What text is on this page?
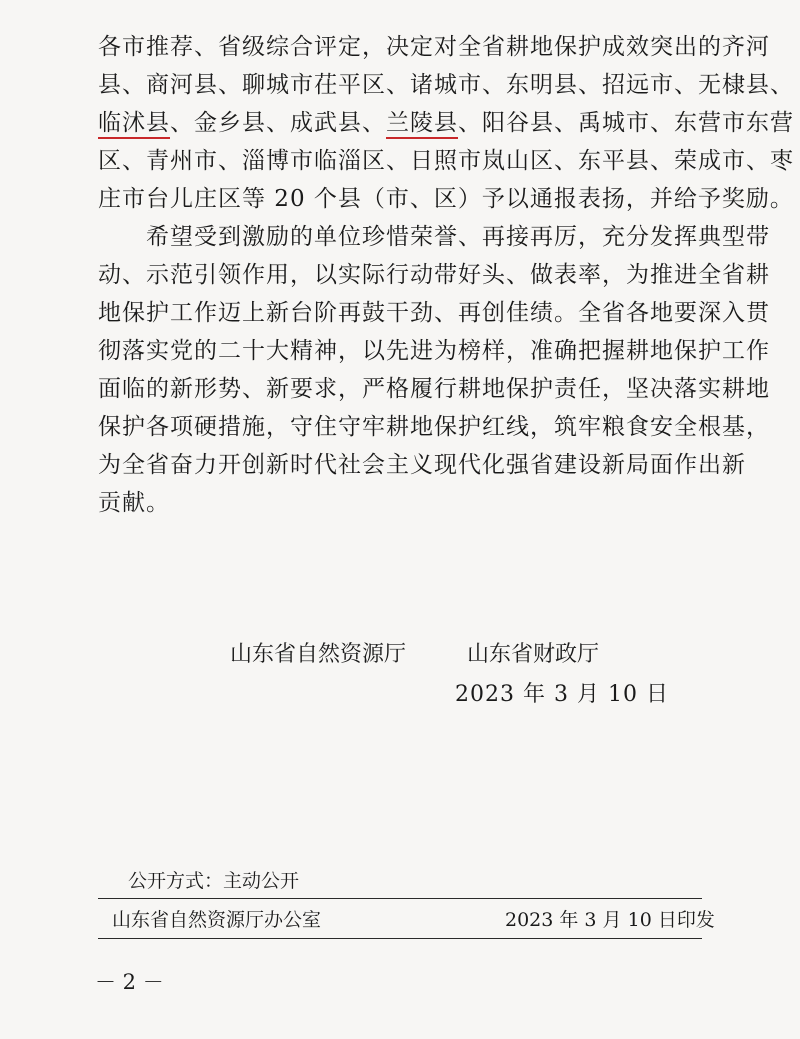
各市推荐、省级综合评定，决定对全省耕地保护成效突出的齐河
县、商河县、聊城市茌平区、诸城市、东明县、招远市、无棣县、
临沭县、金乡县、成武县、兰陵县、阳谷县、禹城市、东营市东营
区、青州市、淄博市临淄区、日照市岚山区、东平县、荣成市、枣
庄市台儿庄区等 20 个县（市、区）予以通报表扬，并给予奖励。

　　希望受到激励的单位珍惜荣誉、再接再厉，充分发挥典型带
动、示范引领作用，以实际行动带好头、做表率，为推进全省耕
地保护工作迈上新台阶再鼓干劲、再创佳绩。全省各地要深入贯
彻落实党的二十大精神，以先进为榜样，准确把握耕地保护工作
面临的新形势、新要求，严格履行耕地保护责任，坚决落实耕地
保护各项硬措施，守住守牢耕地保护红线，筑牢粮食安全根基，
为全省奋力开创新时代社会主义现代化强省建设新局面作出新
贡献。

山东省自然资源厅	山东省财政厅
2023 年 3 月 10 日
公开方式：主动公开
山东省自然资源厅办公室	2023 年 3 月 10 日印发
－ 2 －
